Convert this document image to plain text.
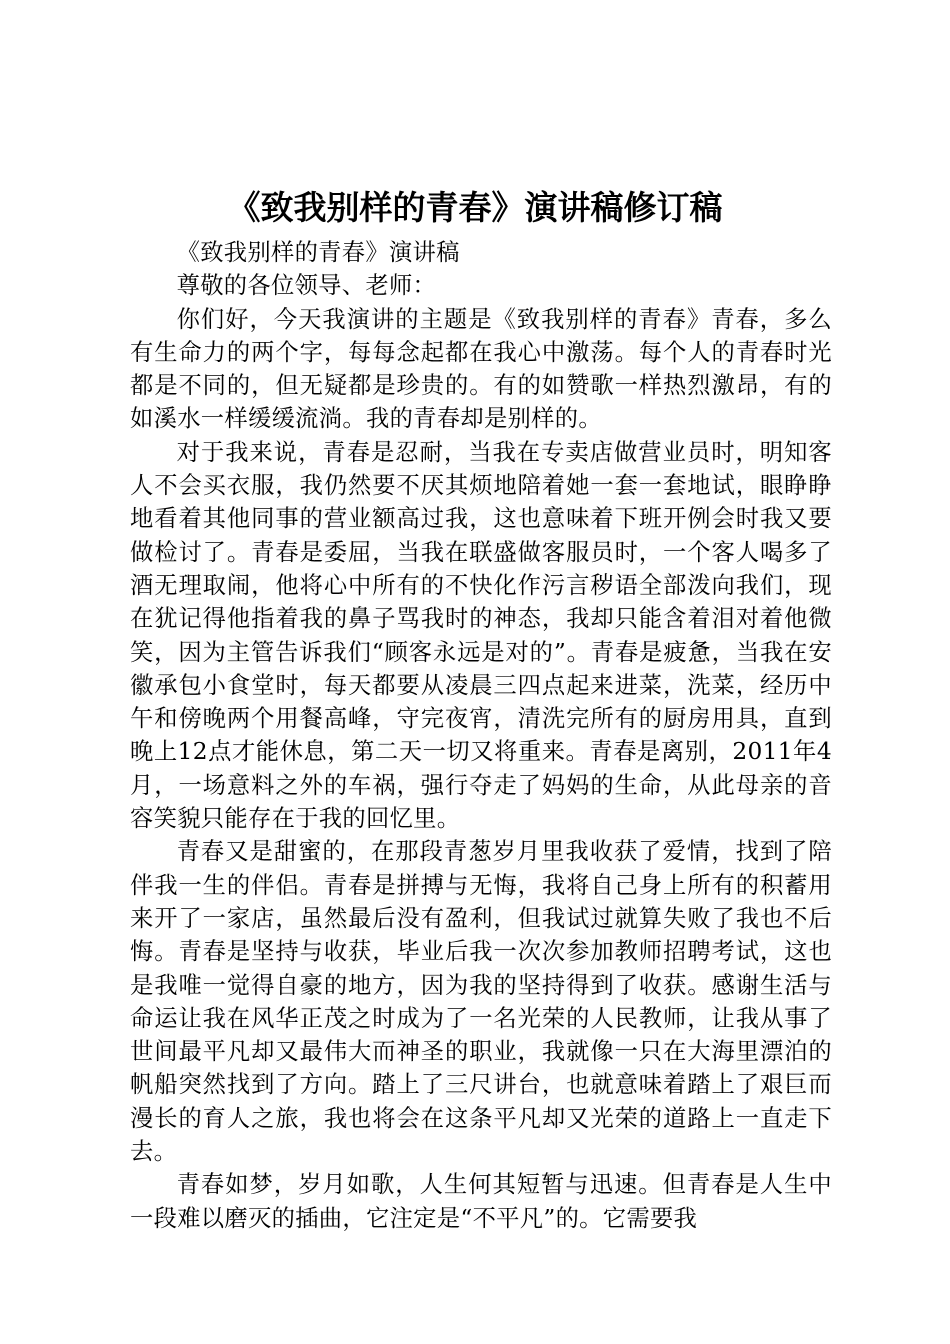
《致我别样的青春》演讲稿修订稿

《致我别样的青春》演讲稿

尊敬的各位领导、老师：

你们好，今天我演讲的主题是《致我别样的青春》青春，多么有生命力的两个字，每每念起都在我心中激荡。每个人的青春时光都是不同的，但无疑都是珍贵的。有的如赞歌一样热烈激昂，有的如溪水一样缓缓流淌。我的青春却是别样的。

对于我来说，青春是忍耐，当我在专卖店做营业员时，明知客人不会买衣服，我仍然要不厌其烦地陪着她一套一套地试，眼睁睁地看着其他同事的营业额高过我，这也意味着下班开例会时我又要做检讨了。青春是委屈，当我在联盛做客服员时，一个客人喝多了酒无理取闹，他将心中所有的不快化作污言秽语全部泼向我们，现在犹记得他指着我的鼻子骂我时的神态，我却只能含着泪对着他微笑，因为主管告诉我们“顾客永远是对的”。青春是疲惫，当我在安徽承包小食堂时，每天都要从凌晨三四点起来进菜，洗菜，经历中午和傍晚两个用餐高峰，守完夜宵，清洗完所有的厨房用具，直到晚上12点才能休息，第二天一切又将重来。青春是离别，2011年4月，一场意料之外的车祸，强行夺走了妈妈的生命，从此母亲的音容笑貌只能存在于我的回忆里。

青春又是甜蜜的，在那段青葱岁月里我收获了爱情，找到了陪伴我一生的伴侣。青春是拼搏与无悔，我将自己身上所有的积蓄用来开了一家店，虽然最后没有盈利，但我试过就算失败了我也不后悔。青春是坚持与收获，毕业后我一次次参加教师招聘考试，这也是我唯一觉得自豪的地方，因为我的坚持得到了收获。感谢生活与命运让我在风华正茂之时成为了一名光荣的人民教师，让我从事了世间最平凡却又最伟大而神圣的职业，我就像一只在大海里漂泊的帆船突然找到了方向。踏上了三尺讲台，也就意味着踏上了艰巨而漫长的育人之旅，我也将会在这条平凡却又光荣的道路上一直走下去。

青春如梦，岁月如歌，人生何其短暂与迅速。但青春是人生中一段难以磨灭的插曲，它注定是“不平凡”的。它需要我
